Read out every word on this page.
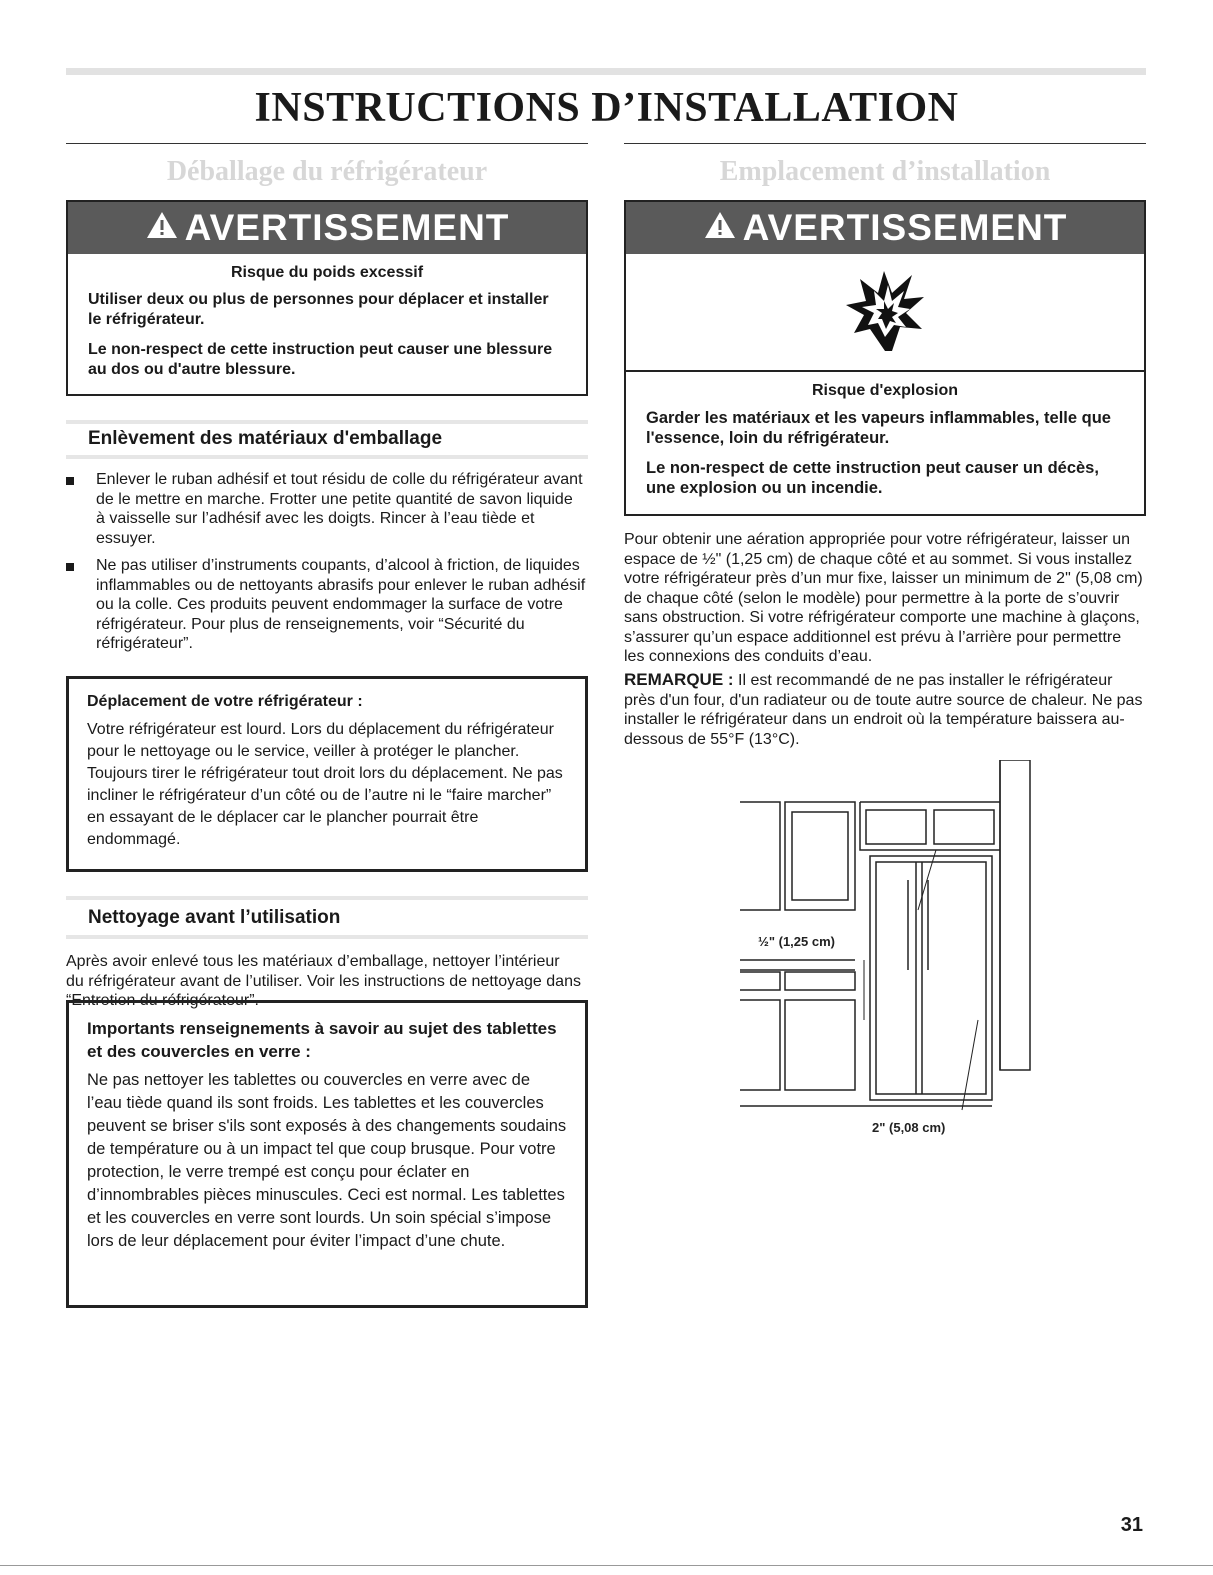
INSTRUCTIONS D’INSTALLATION
Déballage du réfrigérateur
AVERTISSEMENT
Risque du poids excessif
Utiliser deux ou plus de personnes pour déplacer et installer le réfrigérateur.
Le non-respect de cette instruction peut causer une blessure au dos ou d'autre blessure.
Enlèvement des matériaux d'emballage
Enlever le ruban adhésif et tout résidu de colle du réfrigérateur avant de le mettre en marche. Frotter une petite quantité de savon liquide à vaisselle sur l’adhésif avec les doigts. Rincer à l’eau tiède et essuyer.
Ne pas utiliser d’instruments coupants, d’alcool à friction, de liquides inflammables ou de nettoyants abrasifs pour enlever le ruban adhésif ou la colle. Ces produits peuvent endommager la surface de votre réfrigérateur. Pour plus de renseignements, voir “Sécurité du réfrigérateur”.

Déplacement de votre réfrigérateur :

Votre réfrigérateur est lourd. Lors du déplacement du réfrigérateur pour le nettoyage ou le service, veiller à protéger le plancher. Toujours tirer le réfrigérateur tout droit lors du déplacement. Ne pas incliner le réfrigérateur d’un côté ou de l’autre ni le “faire marcher” en essayant de le déplacer car le plancher pourrait être endommagé.

Nettoyage avant l’utilisation

Après avoir enlevé tous les matériaux d’emballage, nettoyer l’intérieur du réfrigérateur avant de l’utiliser. Voir les instructions de nettoyage dans “Entretien du réfrigérateur”.

Importants renseignements à savoir au sujet des tablettes et des couvercles en verre :

Ne pas nettoyer les tablettes ou couvercles en verre avec de l’eau tiède quand ils sont froids. Les tablettes et les couvercles peuvent se briser s'ils sont exposés à des changements soudains de température ou à un impact tel que coup brusque. Pour votre protection, le verre trempé est conçu pour éclater en d’innombrables pièces minuscules. Ceci est normal. Les tablettes et les couvercles en verre sont lourds. Un soin spécial s’impose lors de leur déplacement pour éviter l’impact d’une chute.

Emplacement d’installation
AVERTISSEMENT
Risque d'explosion
Garder les matériaux et les vapeurs inflammables, telle que l'essence, loin du réfrigérateur.
Le non-respect de cette instruction peut causer un décès, une explosion ou un incendie.

Pour obtenir une aération appropriée pour votre réfrigérateur, laisser un espace de ½" (1,25 cm) de chaque côté et au sommet. Si vous installez votre réfrigérateur près d’un mur fixe, laisser un minimum de 2" (5,08 cm) de chaque côté (selon le modèle) pour permettre à la porte de s’ouvrir sans obstruction. Si votre réfrigérateur comporte une machine à glaçons, s’assurer qu’un espace additionnel est prévu à l’arrière pour permettre les connexions des conduits d’eau.

REMARQUE : Il est recommandé de ne pas installer le réfrigérateur près d'un four, d'un radiateur ou de toute autre source de chaleur. Ne pas installer le réfrigérateur dans un endroit où la température baissera au-dessous de 55°F (13°C).

½" (1,25 cm)
2" (5,08 cm)
31
